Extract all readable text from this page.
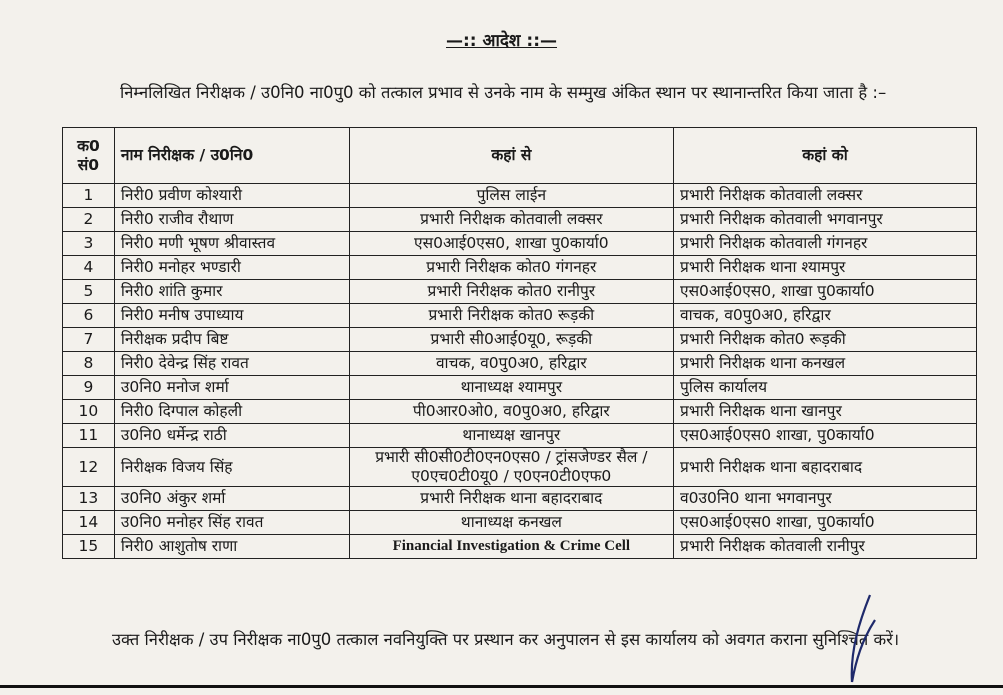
—:: आदेश ::—
निम्नलिखित निरीक्षक / उ0नि0 ना0पु0 को तत्काल प्रभाव से उनके नाम के सम्मुख अंकित स्थान पर स्थानान्तरित किया जाता है :–
क0 सं0	नाम निरीक्षक / उ0नि0	कहां से	कहां को
1	निरी0 प्रवीण कोश्यारी	पुलिस लाईन	प्रभारी निरीक्षक कोतवाली लक्सर
2	निरी0 राजीव रौथाण	प्रभारी निरीक्षक कोतवाली लक्सर	प्रभारी निरीक्षक कोतवाली भगवानपुर
3	निरी0 मणी भूषण श्रीवास्तव	एस0आई0एस0, शाखा पु0कार्या0	प्रभारी निरीक्षक कोतवाली गंगनहर
4	निरी0 मनोहर भण्डारी	प्रभारी निरीक्षक कोत0 गंगनहर	प्रभारी निरीक्षक थाना श्यामपुर
5	निरी0 शांति कुमार	प्रभारी निरीक्षक कोत0 रानीपुर	एस0आई0एस0, शाखा पु0कार्या0
6	निरी0 मनीष उपाध्याय	प्रभारी निरीक्षक कोत0 रूड़की	वाचक, व0पु0अ0, हरिद्वार
7	निरीक्षक प्रदीप बिष्ट	प्रभारी सी0आई0यू0, रूड़की	प्रभारी निरीक्षक कोत0 रूड़की
8	निरी0 देवेन्द्र सिंह रावत	वाचक, व0पु0अ0, हरिद्वार	प्रभारी निरीक्षक थाना कनखल
9	उ0नि0 मनोज शर्मा	थानाध्यक्ष श्यामपुर	पुलिस कार्यालय
10	निरी0 दिग्पाल कोहली	पी0आर0ओ0, व0पु0अ0, हरिद्वार	प्रभारी निरीक्षक थाना खानपुर
11	उ0नि0 धर्मेन्द्र राठी	थानाध्यक्ष खानपुर	एस0आई0एस0 शाखा, पु0कार्या0
12	निरीक्षक विजय सिंह	प्रभारी सी0सी0टी0एन0एस0 / ट्रांसजेण्डर सैल / ए0एच0टी0यू0 / ए0एन0टी0एफ0	प्रभारी निरीक्षक थाना बहादराबाद
13	उ0नि0 अंकुर शर्मा	प्रभारी निरीक्षक थाना बहादराबाद	व0उ0नि0 थाना भगवानपुर
14	उ0नि0 मनोहर सिंह रावत	थानाध्यक्ष कनखल	एस0आई0एस0 शाखा, पु0कार्या0
15	निरी0 आशुतोष राणा	Financial Investigation & Crime Cell	प्रभारी निरीक्षक कोतवाली रानीपुर
उक्त निरीक्षक / उप निरीक्षक ना0पु0 तत्काल नवनियुक्ति पर प्रस्थान कर अनुपालन से इस कार्यालय को अवगत कराना सुनिश्चित करें।
